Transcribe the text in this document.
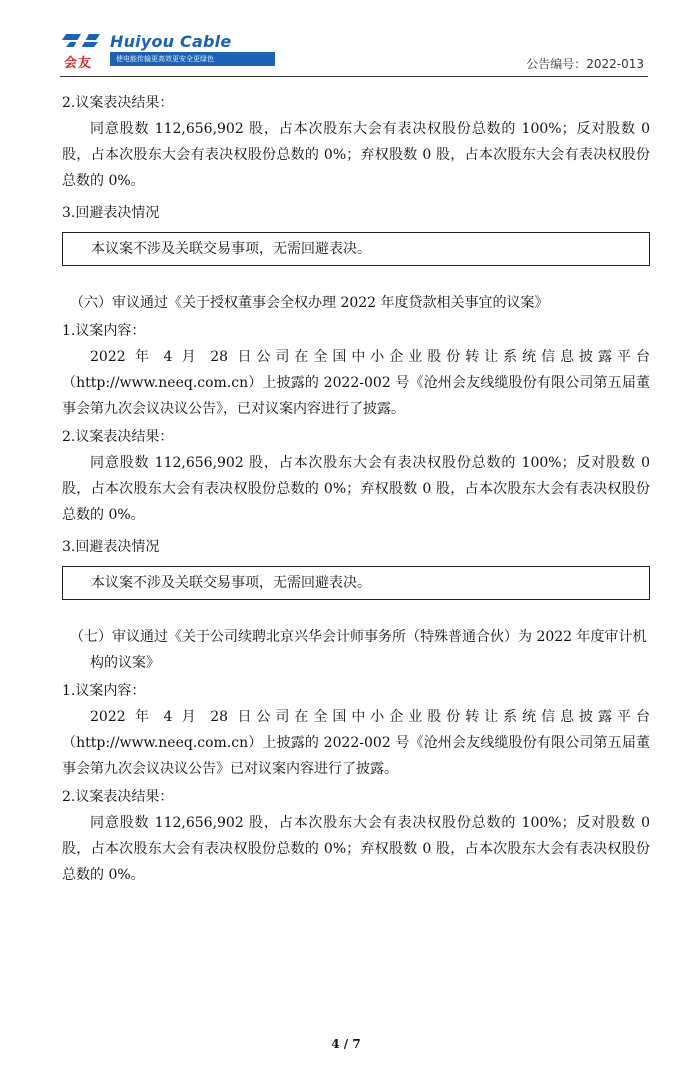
会友
Huiyou Cable
使电能传输更高效更安全更绿色	公告编号：2022-013

2.议案表决结果：

同意股数 112,656,902 股，占本次股东大会有表决权股份总数的 100%；反对股数 0 股，占本次股东大会有表决权股份总数的 0%；弃权股数 0 股，占本次股东大会有表决权股份总数的 0%。

3.回避表决情况

本议案不涉及关联交易事项，无需回避表决。

（六）审议通过《关于授权董事会全权办理 2022 年度贷款相关事宜的议案》

1.议案内容：

2022 年 4 月 28 日公司在全国中小企业股份转让系统信息披露平台（http://www.neeq.com.cn）上披露的 2022-002 号《沧州会友线缆股份有限公司第五届董事会第九次会议决议公告》，已对议案内容进行了披露。

2.议案表决结果：

同意股数 112,656,902 股，占本次股东大会有表决权股份总数的 100%；反对股数 0 股，占本次股东大会有表决权股份总数的 0%；弃权股数 0 股，占本次股东大会有表决权股份总数的 0%。

3.回避表决情况

本议案不涉及关联交易事项，无需回避表决。

（七）审议通过《关于公司续聘北京兴华会计师事务所（特殊普通合伙）为 2022 年度审计机构的议案》

1.议案内容：

2022 年 4 月 28 日公司在全国中小企业股份转让系统信息披露平台（http://www.neeq.com.cn）上披露的 2022-002 号《沧州会友线缆股份有限公司第五届董事会第九次会议决议公告》已对议案内容进行了披露。

2.议案表决结果：

同意股数 112,656,902 股，占本次股东大会有表决权股份总数的 100%；反对股数 0 股，占本次股东大会有表决权股份总数的 0%；弃权股数 0 股，占本次股东大会有表决权股份总数的 0%。

4 / 7
